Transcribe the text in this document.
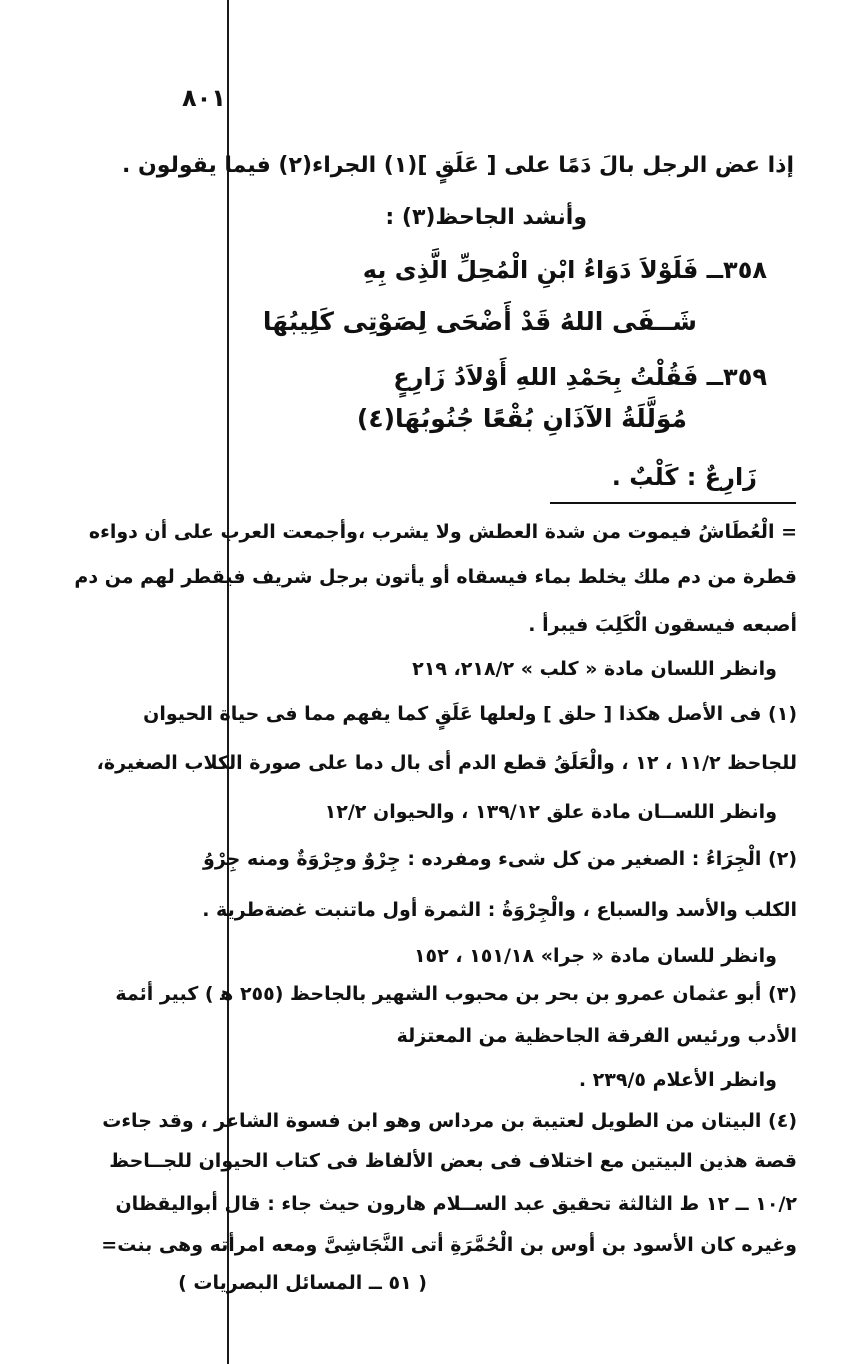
٨٠١
إذا عض الرجل بالَ دَمًا على [ عَلَقٍ ](١) الجراء(٢) فيما يقولون .
وأنشد الجاحظ(٣) :
٣٥٨ــ فَلَوْلاَ دَوَاءُ ابْنِ الْمُحِلِّ الَّذِى بِهِ
شَــفَى اللهُ قَدْ أَضْحَى لِصَوْتِى كَلِيبُهَا
٣٥٩ــ فَقُلْتُ بِحَمْدِ اللهِ أَوْلاَدُ زَارِعٍ
مُوَلَّلَةُ الآذَانِ بُقْعًا جُنُوبُهَا(٤)
زَارِعٌ : كَلْبٌ .
= الْعُطَاشُ فيموت من شدة العطش ولا يشرب ،وأجمعت العرب على أن دواءه
قطرة من دم ملك يخلط بماء فيسقاه أو يأتون برجل شريف فيقطر لهم من دم
أصبعه فيسقون الْكَلِبَ فيبرأ .
وانظر اللسان مادة « كلب » ٢١٨/٢، ٢١٩
(١) فى الأصل هكذا [ حلق ] ولعلها عَلَقٍ كما يفهم مما فى حياة الحيوان
للجاحظ ١١/٢ ، ١٢ ، والْعَلَقُ قطع الدم أى بال دما على صورة الكلاب الصغيرة،
وانظر اللســان مادة علق ١٣٩/١٢ ، والحيوان ١٢/٢
(٢) الْجِرَاءُ : الصغير من كل شىء ومفرده : جِرْوٌ وجِرْوَةٌ ومنه جِرْوُ
الكلب والأسد والسباع ، والْجِرْوَةُ : الثمرة أول ماتنبت غضةطرية .
وانظر للسان مادة « جرا» ١٥١/١٨ ، ١٥٢
(٣) أبو عثمان عمرو بن بحر بن محبوب الشهير بالجاحظ (٢٥٥ ﻫ ) كبير أئمة
الأدب ورئيس الفرقة الجاحظية من المعتزلة
وانظر الأعلام ٢٣٩/٥ .
(٤) البيتان من الطويل لعتيبة بن مرداس وهو ابن فسوة الشاعر ، وقد جاءت
قصة هذين البيتين مع اختلاف فى بعض الألفاظ فى كتاب الحيوان للجــاحظ
١٠/٢ ــ ١٢ ط الثالثة تحقيق عبد الســلام هارون حيث جاء : قال أبواليقظان
وغيره كان الأسود بن أوس بن الْحُمَّرَةِ أتى النَّجَاشِىَّ ومعه امرأته وهى بنت=
( ٥١ ــ المسائل البصريات )
